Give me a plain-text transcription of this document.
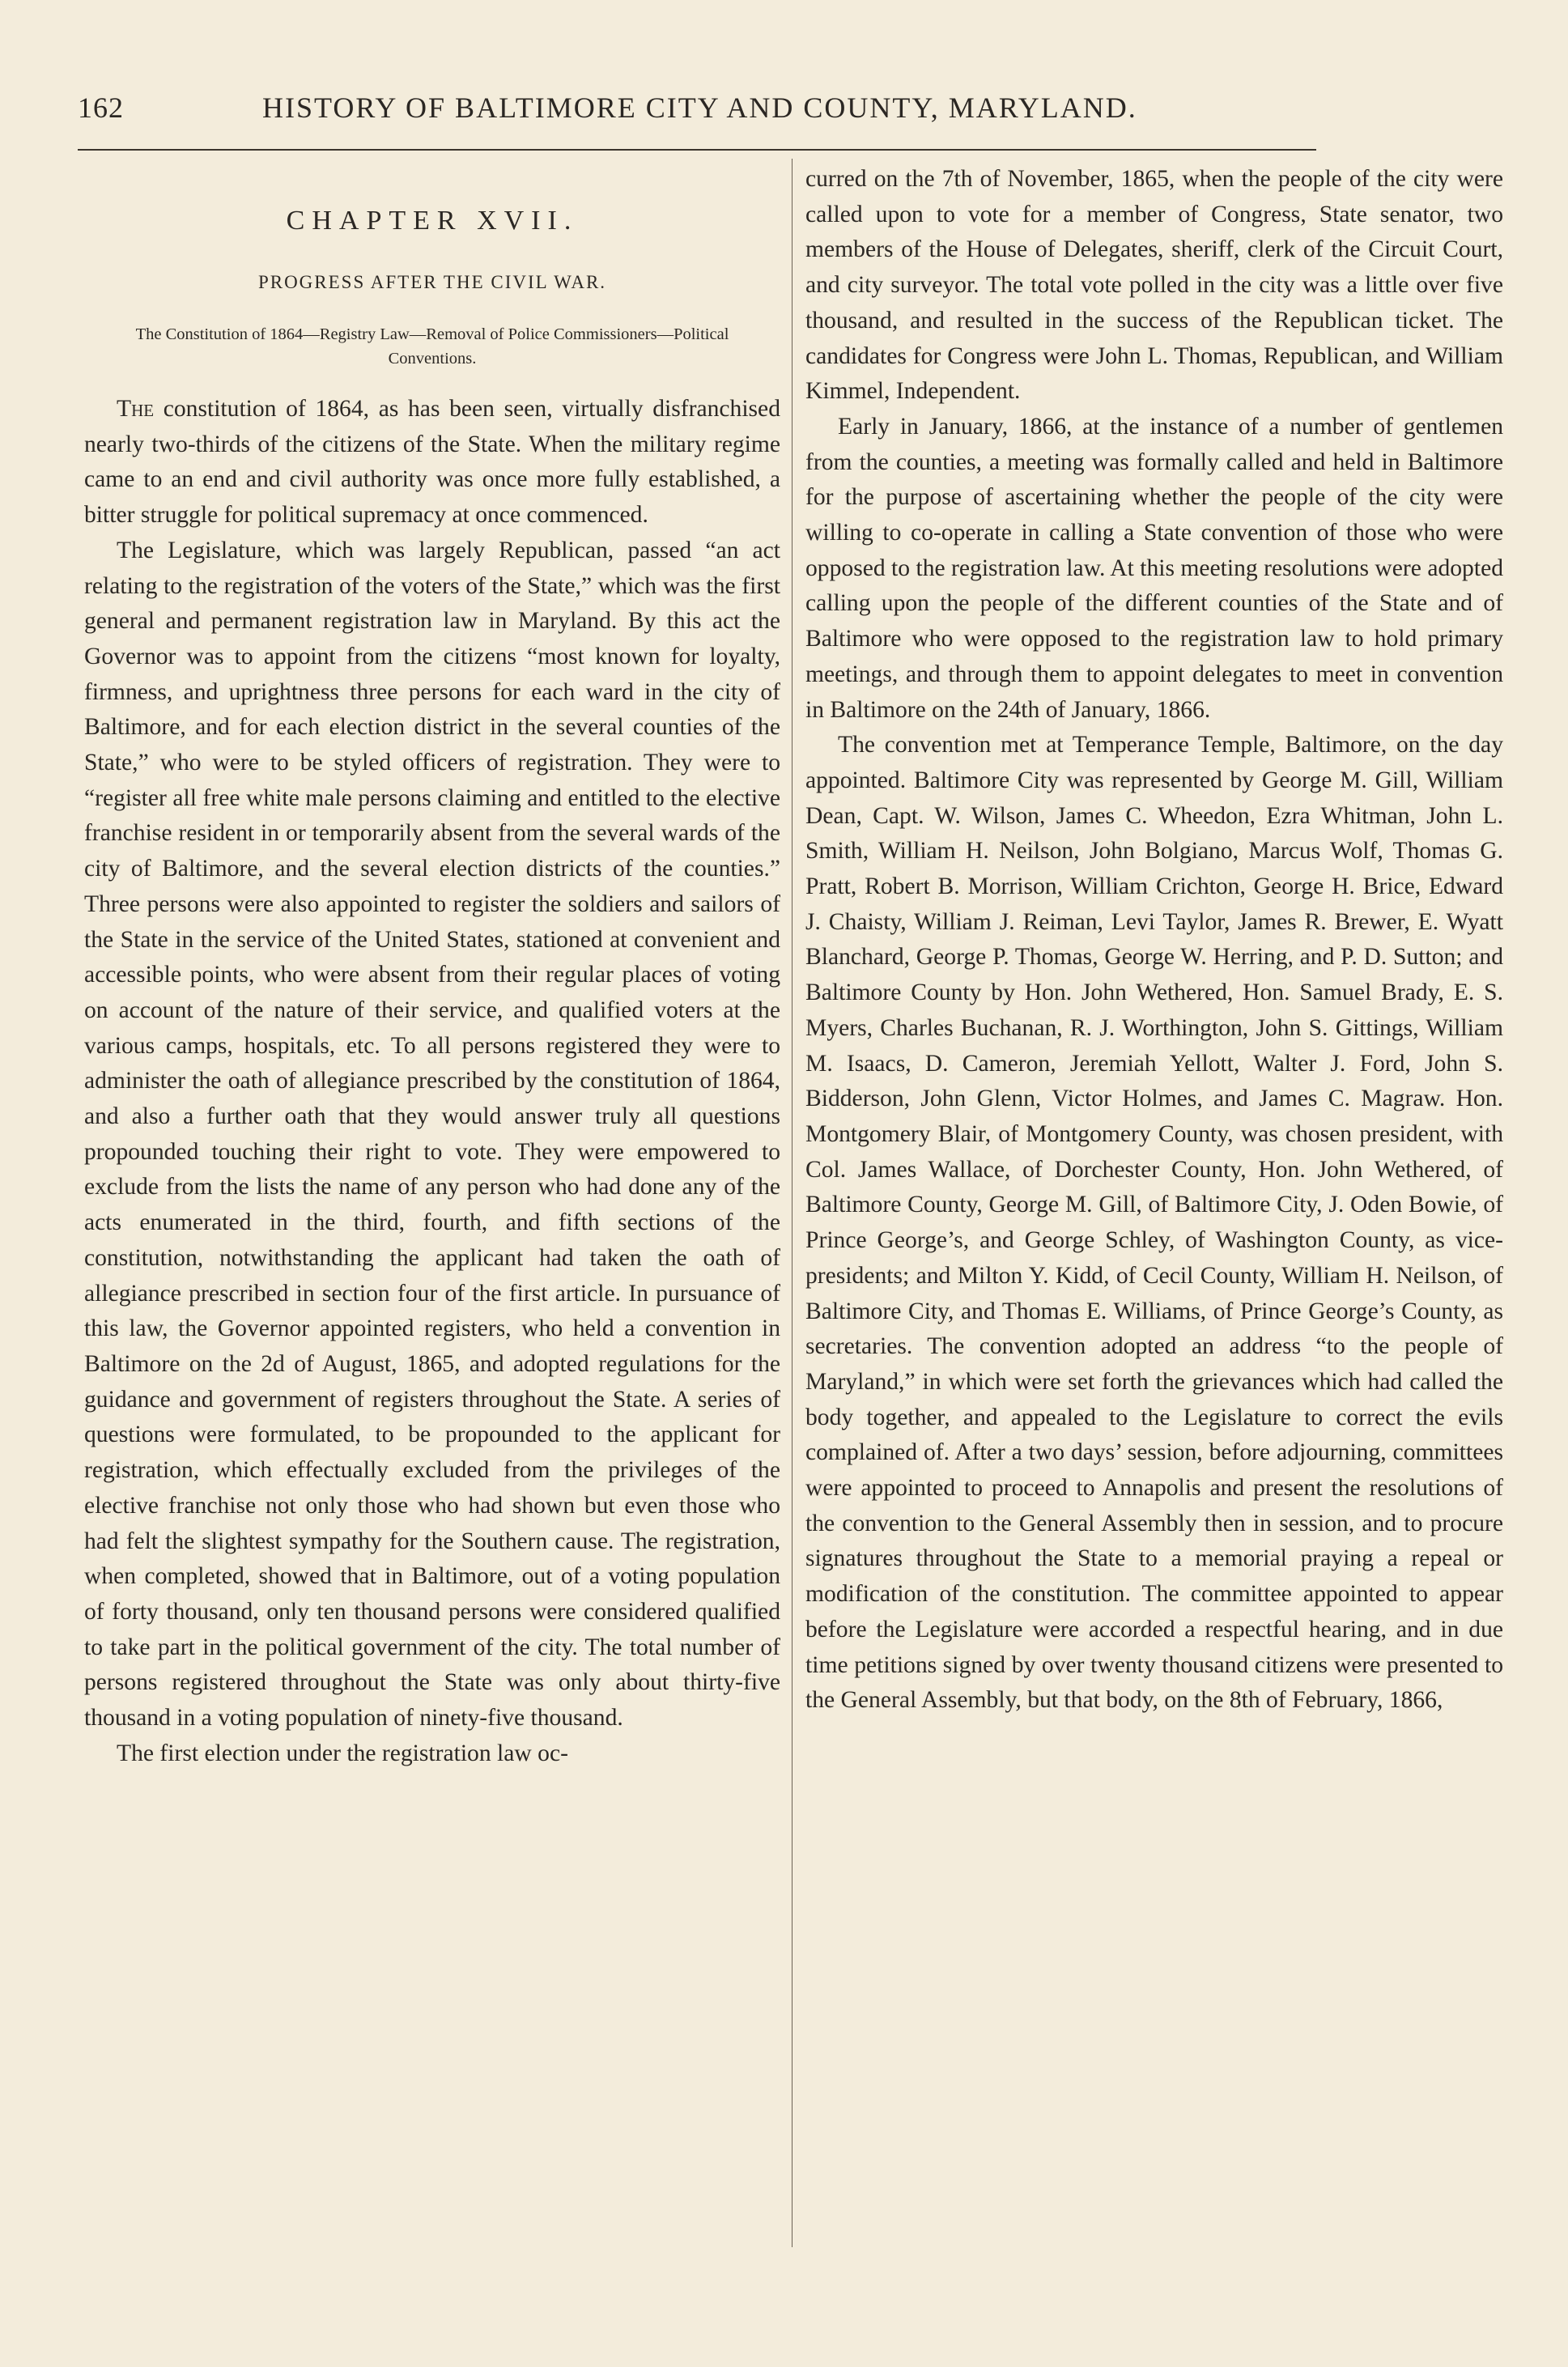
162	HISTORY OF BALTIMORE CITY AND COUNTY, MARYLAND.
CHAPTER XVII.
PROGRESS AFTER THE CIVIL WAR.

The Constitution of 1864—Registry Law—Removal of Police Commissioners—Political Conventions.

The constitution of 1864, as has been seen, virtually disfranchised nearly two-thirds of the citizens of the State. When the military regime came to an end and civil authority was once more fully established, a bitter struggle for political supremacy at once commenced.

The Legislature, which was largely Republican, passed “an act relating to the registration of the voters of the State,” which was the first general and permanent registration law in Maryland. By this act the Governor was to appoint from the citizens “most known for loyalty, firmness, and uprightness three persons for each ward in the city of Baltimore, and for each election district in the several counties of the State,” who were to be styled officers of registration. They were to “register all free white male persons claiming and entitled to the elective franchise resident in or temporarily absent from the several wards of the city of Baltimore, and the several election districts of the counties.” Three persons were also appointed to register the soldiers and sailors of the State in the service of the United States, stationed at convenient and accessible points, who were absent from their regular places of voting on account of the nature of their service, and qualified voters at the various camps, hospitals, etc. To all persons registered they were to administer the oath of allegiance prescribed by the constitution of 1864, and also a further oath that they would answer truly all questions propounded touching their right to vote. They were empowered to exclude from the lists the name of any person who had done any of the acts enumerated in the third, fourth, and fifth sections of the constitution, notwithstanding the applicant had taken the oath of allegiance prescribed in section four of the first article. In pursuance of this law, the Governor appointed registers, who held a convention in Baltimore on the 2d of August, 1865, and adopted regulations for the guidance and government of registers throughout the State. A series of questions were formulated, to be propounded to the applicant for registration, which effectually excluded from the privileges of the elective franchise not only those who had shown but even those who had felt the slightest sympathy for the Southern cause. The registration, when completed, showed that in Baltimore, out of a voting population of forty thousand, only ten thousand persons were considered qualified to take part in the political government of the city. The total number of persons registered throughout the State was only about thirty-five thousand in a voting population of ninety-five thousand.

The first election under the registration law oc-

curred on the 7th of November, 1865, when the people of the city were called upon to vote for a member of Congress, State senator, two members of the House of Delegates, sheriff, clerk of the Circuit Court, and city surveyor. The total vote polled in the city was a little over five thousand, and resulted in the success of the Republican ticket. The candidates for Congress were John L. Thomas, Republican, and William Kimmel, Independent.

Early in January, 1866, at the instance of a number of gentlemen from the counties, a meeting was formally called and held in Baltimore for the purpose of ascertaining whether the people of the city were willing to co-operate in calling a State convention of those who were opposed to the registration law. At this meeting resolutions were adopted calling upon the people of the different counties of the State and of Baltimore who were opposed to the registration law to hold primary meetings, and through them to appoint delegates to meet in convention in Baltimore on the 24th of January, 1866.

The convention met at Temperance Temple, Baltimore, on the day appointed. Baltimore City was represented by George M. Gill, William Dean, Capt. W. Wilson, James C. Wheedon, Ezra Whitman, John L. Smith, William H. Neilson, John Bolgiano, Marcus Wolf, Thomas G. Pratt, Robert B. Morrison, William Crichton, George H. Brice, Edward J. Chaisty, William J. Reiman, Levi Taylor, James R. Brewer, E. Wyatt Blanchard, George P. Thomas, George W. Herring, and P. D. Sutton; and Baltimore County by Hon. John Wethered, Hon. Samuel Brady, E. S. Myers, Charles Buchanan, R. J. Worthington, John S. Gittings, William M. Isaacs, D. Cameron, Jeremiah Yellott, Walter J. Ford, John S. Bidderson, John Glenn, Victor Holmes, and James C. Magraw. Hon. Montgomery Blair, of Montgomery County, was chosen president, with Col. James Wallace, of Dorchester County, Hon. John Wethered, of Baltimore County, George M. Gill, of Baltimore City, J. Oden Bowie, of Prince George’s, and George Schley, of Washington County, as vice-presidents; and Milton Y. Kidd, of Cecil County, William H. Neilson, of Baltimore City, and Thomas E. Williams, of Prince George’s County, as secretaries. The convention adopted an address “to the people of Maryland,” in which were set forth the grievances which had called the body together, and appealed to the Legislature to correct the evils complained of. After a two days’ session, before adjourning, committees were appointed to proceed to Annapolis and present the resolutions of the convention to the General Assembly then in session, and to procure signatures throughout the State to a memorial praying a repeal or modification of the constitution. The committee appointed to appear before the Legislature were accorded a respectful hearing, and in due time petitions signed by over twenty thousand citizens were presented to the General Assembly, but that body, on the 8th of February, 1866,
